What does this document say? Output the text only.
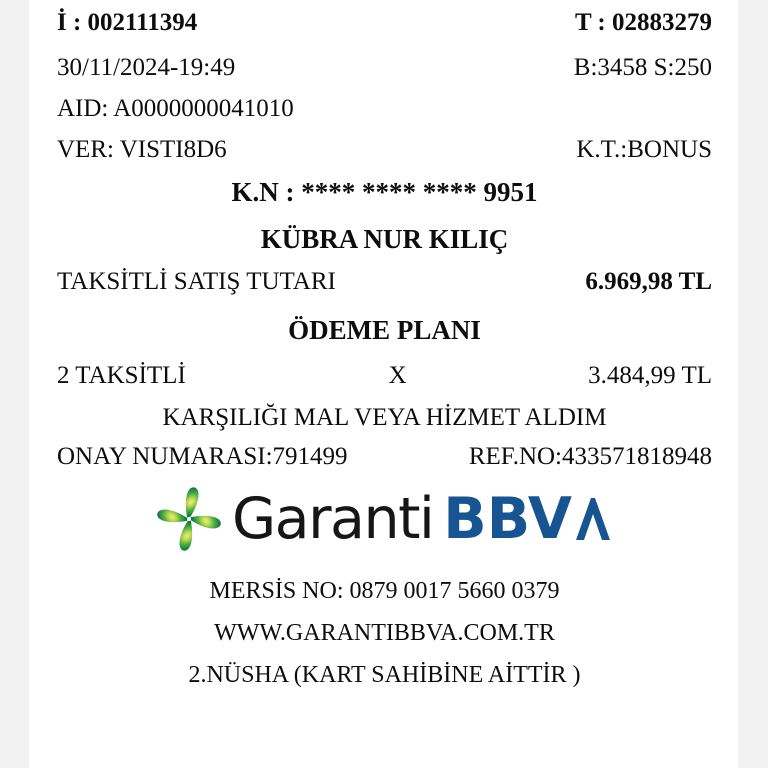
İ : 002111394	T : 02883279
30/11/2024-19:49	B:3458 S:250
AID: A0000000041010
VER: VISTI8D6	K.T.:BONUS
K.N : **** **** **** 9951
KÜBRA NUR KILIÇ
TAKSİTLİ SATIŞ TUTARI	6.969,98 TL
ÖDEME PLANI
2 TAKSİTLİ	X	3.484,99 TL
KARŞILIĞI MAL VEYA HİZMET ALDIM
ONAY NUMARASI:791499	REF.NO:433571818948
Garanti BBV
MERSİS NO: 0879 0017 5660 0379
WWW.GARANTIBBVA.COM.TR
2.NÜSHA (KART SAHİBİNE AİTTİR )
